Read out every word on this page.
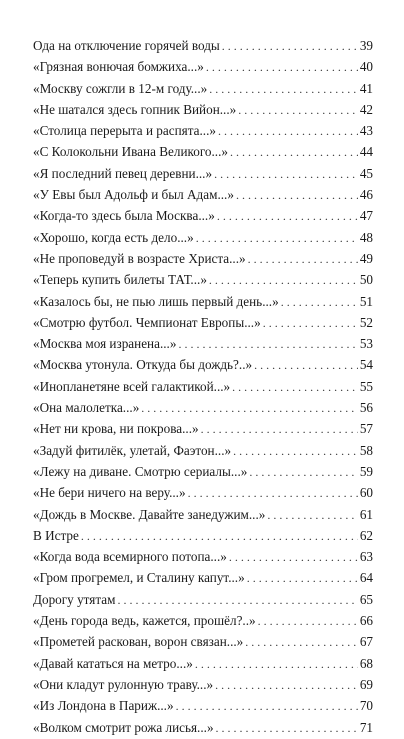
Ода на отключение горячей воды . . .	39
«Грязная вонючая бомжиха...» . . .	40
«Москву сожгли в 12-м году...» . . .	41
«Не шатался здесь гопник Вийон...» . . .	42
«Столица перерыта и распята...» . . .	43
«С Колокольни Ивана Великого...» . . .	44
«Я последний певец деревни...» . . .	45
«У Евы был Адольф и был Адам...» . . .	46
«Когда-то здесь была Москва...» . . .	47
«Хорошо, когда есть дело...» . . .	48
«Не проповедуй в возрасте Христа...» . . .	49
«Теперь купить билеты ТАТ...» . . .	50
«Казалось бы, не пью лишь первый день...» . . .	51
«Смотрю футбол. Чемпионат Европы...» . . .	52
«Москва моя изранена...» . . .	53
«Москва утонула. Откуда бы дождь?..» . . .	54
«Инопланетяне всей галактикой...» . . .	55
«Она малолетка...» . . .	56
«Нет ни крова, ни покрова...» . . .	57
«Задуй фитилёк, улетай, Фаэтон...» . . .	58
«Лежу на диване. Смотрю сериалы...» . . .	59
«Не бери ничего на веру...» . . .	60
«Дождь в Москве. Давайте занедужим...» . . .	61
В Истре . . .	62
«Когда вода всемирного потопа...» . . .	63
«Гром прогремел, и Сталину капут...» . . .	64
Дорогу утятам . . .	65
«День города ведь, кажется, прошёл?..» . . .	66
«Прометей раскован, ворон связан...» . . .	67
«Давай кататься на метро...» . . .	68
«Они кладут рулонную траву...» . . .	69
«Из Лондона в Париж...» . . .	70
«Волком смотрит рожа лисья...» . . .	71
